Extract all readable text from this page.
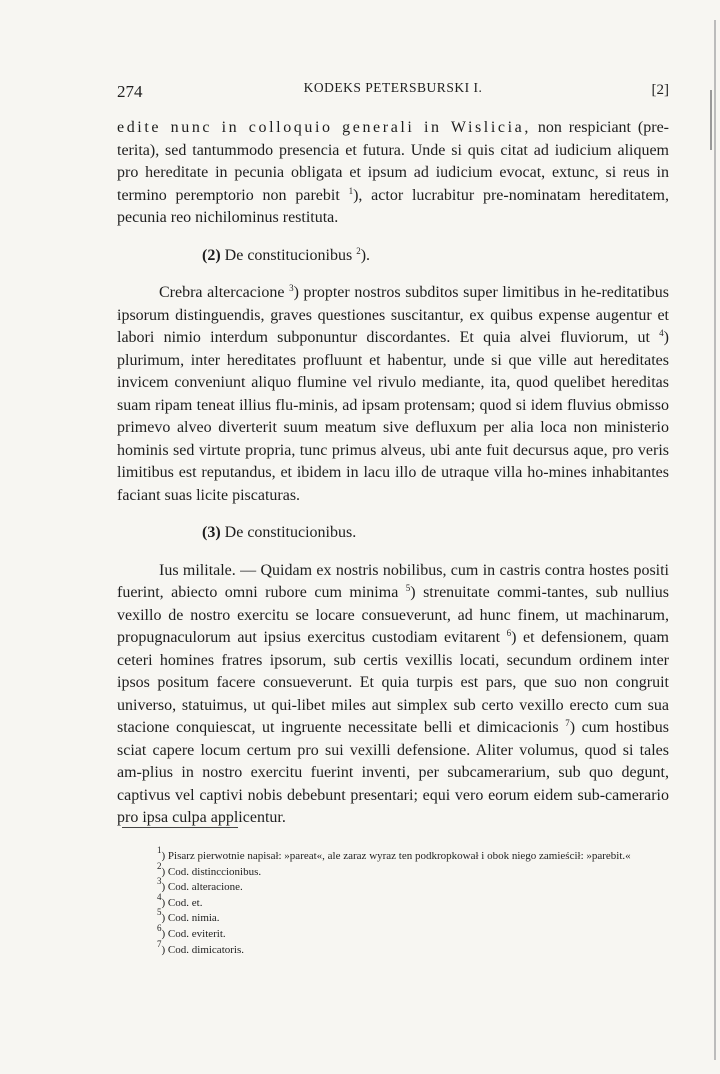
274	KODEKS PETERSBURSKI I.	[2]

edite nunc in colloquio generali in Wislicia, non respiciant (pre-terita), sed tantummodo presencia et futura. Unde si quis citat ad iudicium aliquem pro hereditate in pecunia obligata et ipsum ad iudicium evocat, extunc, si reus in termino peremptorio non parebit $^1$), actor lucrabitur pre-nominatam hereditatem, pecunia reo nichilominus restituta.

(2) De constitucionibus $^2$).

Crebra altercacione $^3$) propter nostros subditos super limitibus in he-reditatibus ipsorum distinguendis, graves questiones suscitantur, ex quibus expense augentur et labori nimio interdum subponuntur discordantes. Et quia alvei fluviorum, ut $^4$) plurimum, inter hereditates profluunt et habentur, unde si que ville aut hereditates invicem conveniunt aliquo flumine vel rivulo mediante, ita, quod quelibet hereditas suam ripam teneat illius flu-minis, ad ipsam protensam; quod si idem fluvius obmisso primevo alveo diverterit suum meatum sive defluxum per alia loca non ministerio hominis sed virtute propria, tunc primus alveus, ubi ante fuit decursus aque, pro veris limitibus est reputandus, et ibidem in lacu illo de utraque villa ho-mines inhabitantes faciant suas licite piscaturas.

(3) De constitucionibus.

Ius militale. — Quidam ex nostris nobilibus, cum in castris contra hostes positi fuerint, abiecto omni rubore cum minima $^5$) strenuitate commi-tantes, sub nullius vexillo de nostro exercitu se locare consueverunt, ad hunc finem, ut machinarum, propugnaculorum aut ipsius exercitus custodiam evitarent $^6$) et defensionem, quam ceteri homines fratres ipsorum, sub certis vexillis locati, secundum ordinem inter ipsos positum facere consueverunt. Et quia turpis est pars, que suo non congruit universo, statuimus, ut qui-libet miles aut simplex sub certo vexillo erecto cum sua stacione conquiescat, ut ingruente necessitate belli et dimicacionis $^7$) cum hostibus sciat capere locum certum pro sui vexilli defensione. Aliter volumus, quod si tales am-plius in nostro exercitu fuerint inventi, per subcamerarium, sub quo degunt, captivus vel captivi nobis debebunt presentari; equi vero eorum eidem sub-camerario pro ipsa culpa applicentur.

$^1$) Pisarz pierwotnie napisał: »pareat«, ale zaraz wyraz ten podkropkował i obok niego zamieścił: »parebit.«

$^2$) Cod. distinccionibus.

$^3$) Cod. alteracione.

$^4$) Cod. et.

$^5$) Cod. nimia.

$^6$) Cod. eviterit.

$^7$) Cod. dimicatoris.
